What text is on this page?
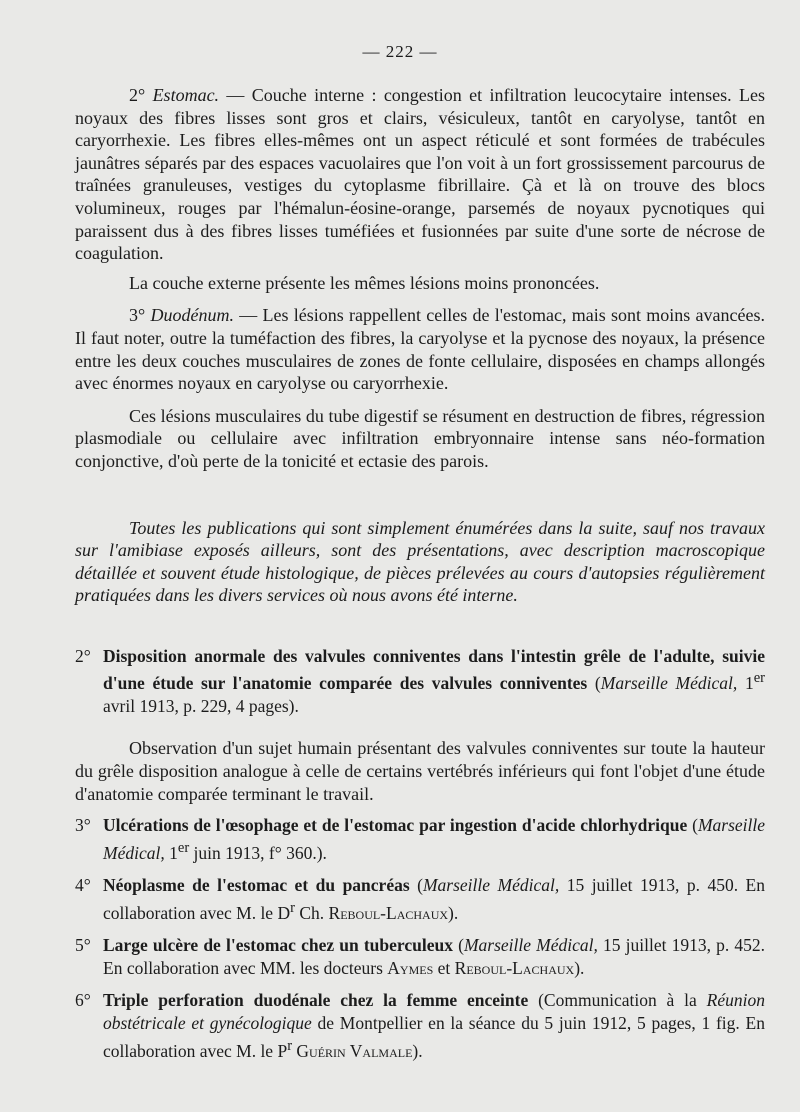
— 222 —

2° Estomac. — Couche interne : congestion et infiltration leucocytaire intenses. Les noyaux des fibres lisses sont gros et clairs, vésiculeux, tantôt en caryolyse, tantôt en caryorrhexie. Les fibres elles-mêmes ont un aspect réticulé et sont formées de trabécules jaunâtres séparés par des espaces vacuolaires que l'on voit à un fort grossissement parcourus de traînées granuleuses, vestiges du cytoplasme fibrillaire. Çà et là on trouve des blocs volumineux, rouges par l'hémalun-éosine-orange, parsemés de noyaux pycnotiques qui paraissent dus à des fibres lisses tuméfiées et fusionnées par suite d'une sorte de nécrose de coagulation.

La couche externe présente les mêmes lésions moins prononcées.

3° Duodénum. — Les lésions rappellent celles de l'estomac, mais sont moins avancées. Il faut noter, outre la tuméfaction des fibres, la caryolyse et la pycnose des noyaux, la présence entre les deux couches musculaires de zones de fonte cellulaire, disposées en champs allongés avec énormes noyaux en caryolyse ou caryorrhexie.

Ces lésions musculaires du tube digestif se résument en destruction de fibres, régression plasmodiale ou cellulaire avec infiltration embryonnaire intense sans néo-formation conjonctive, d'où perte de la tonicité et ectasie des parois.

Toutes les publications qui sont simplement énumérées dans la suite, sauf nos travaux sur l'amibiase exposés ailleurs, sont des présentations, avec description macroscopique détaillée et souvent étude histologique, de pièces prélevées au cours d'autopsies régulièrement pratiquées dans les divers services où nous avons été interne.

2° Disposition anormale des valvules conniventes dans l'intestin grêle de l'adulte, suivie d'une étude sur l'anatomie comparée des valvules conniventes (Marseille Médical, 1er avril 1913, p. 229, 4 pages).

Observation d'un sujet humain présentant des valvules conniventes sur toute la hauteur du grêle disposition analogue à celle de certains vertébrés inférieurs qui font l'objet d'une étude d'anatomie comparée terminant le travail.

3° Ulcérations de l'œsophage et de l'estomac par ingestion d'acide chlorhydrique (Marseille Médical, 1er juin 1913, f° 360.).
4° Néoplasme de l'estomac et du pancréas (Marseille Médical, 15 juillet 1913, p. 450. En collaboration avec M. le $D^r$ Ch. Reboul-Lachaux).
5° Large ulcère de l'estomac chez un tuberculeux (Marseille Médical, 15 juillet 1913, p. 452. En collaboration avec MM. les docteurs Aymes et Reboul-Lachaux).
6° Triple perforation duodénale chez la femme enceinte (Communication à la Réunion obstétricale et gynécologique de Montpellier en la séance du 5 juin 1912, 5 pages, 1 fig. En collaboration avec M. le $P^r$ Guérin Valmale).
